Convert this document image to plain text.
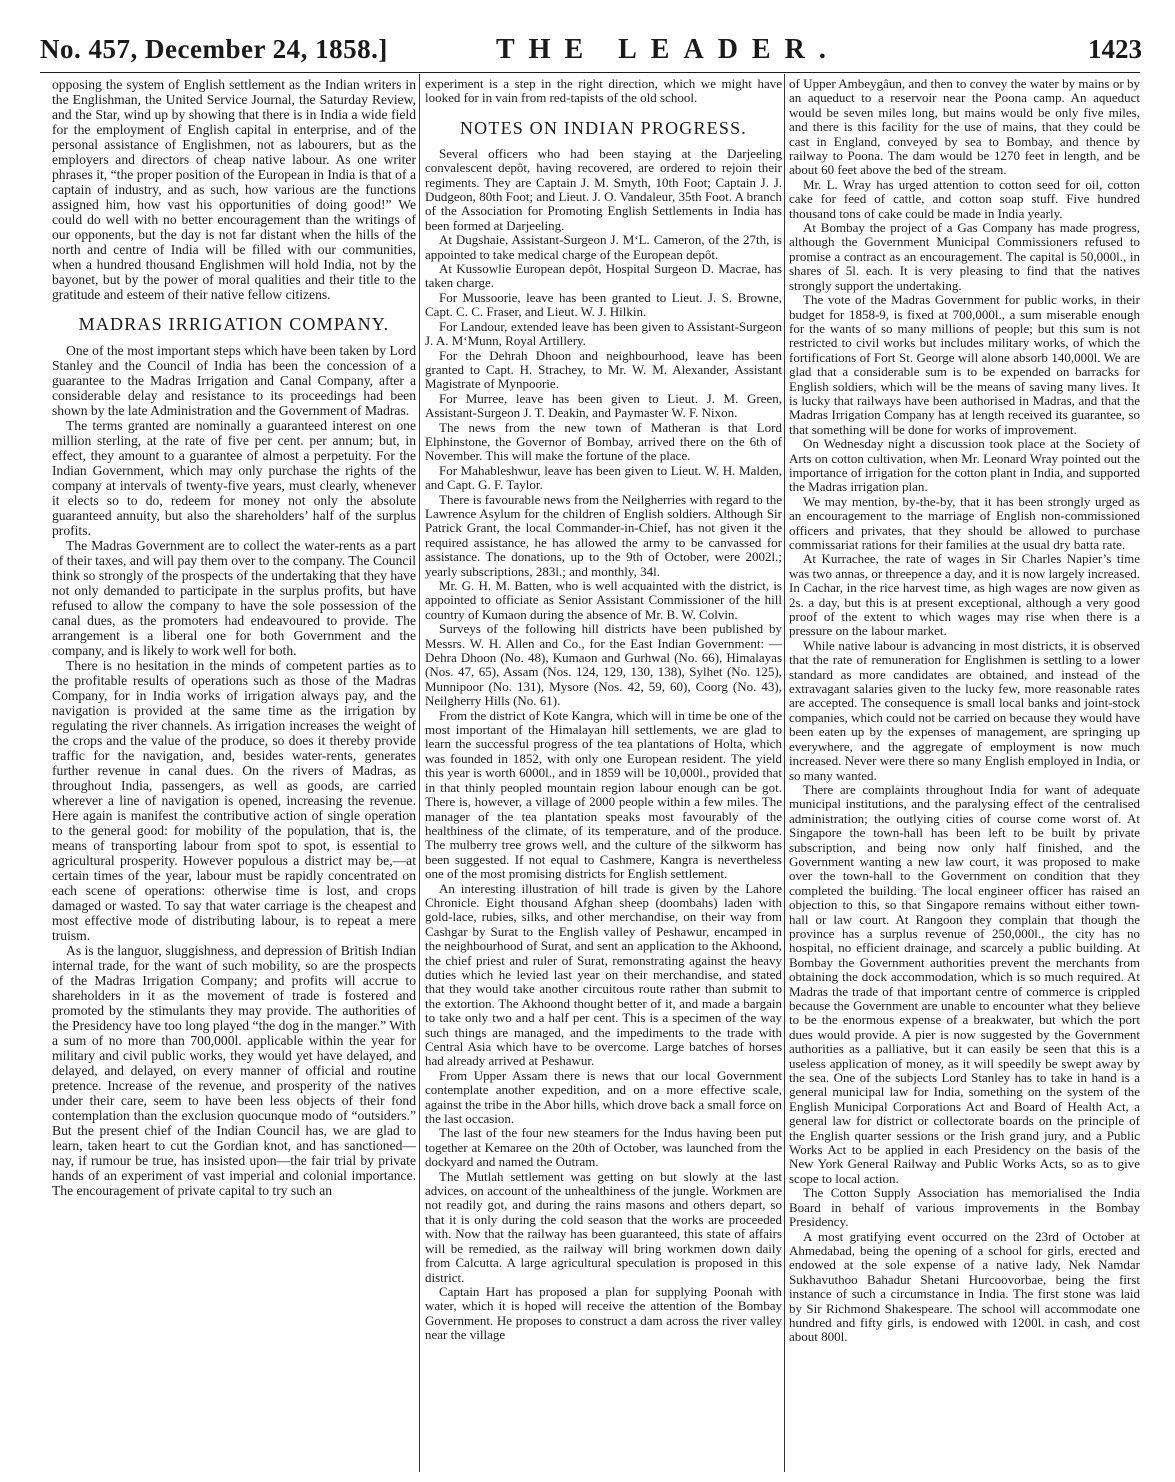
No. 457, December 24, 1858.]	THE LEADER.	1423

opposing the system of English settlement as the Indian writers in the Englishman, the United Service Journal, the Saturday Review, and the Star, wind up by showing that there is in India a wide field for the employment of English capital in enterprise, and of the personal assistance of Englishmen, not as labourers, but as the employers and directors of cheap native labour. As one writer phrases it, “the proper position of the European in India is that of a captain of industry, and as such, how various are the functions assigned him, how vast his opportunities of doing good!” We could do well with no better encouragement than the writings of our opponents, but the day is not far distant when the hills of the north and centre of India will be filled with our communities, when a hundred thousand Englishmen will hold India, not by the bayonet, but by the power of moral qualities and their title to the gratitude and esteem of their native fellow citizens.

MADRAS IRRIGATION COMPANY.

One of the most important steps which have been taken by Lord Stanley and the Council of India has been the concession of a guarantee to the Madras Irrigation and Canal Company, after a considerable delay and resistance to its proceedings had been shown by the late Administration and the Government of Madras.

The terms granted are nominally a guaranteed interest on one million sterling, at the rate of five per cent. per annum; but, in effect, they amount to a guarantee of almost a perpetuity. For the Indian Government, which may only purchase the rights of the company at intervals of twenty-five years, must clearly, whenever it elects so to do, redeem for money not only the absolute guaranteed annuity, but also the shareholders’ half of the surplus profits.

The Madras Government are to collect the water-rents as a part of their taxes, and will pay them over to the company. The Council think so strongly of the prospects of the undertaking that they have not only demanded to participate in the surplus profits, but have refused to allow the company to have the sole possession of the canal dues, as the promoters had endeavoured to provide. The arrangement is a liberal one for both Government and the company, and is likely to work well for both.

There is no hesitation in the minds of competent parties as to the profitable results of operations such as those of the Madras Company, for in India works of irrigation always pay, and the navigation is provided at the same time as the irrigation by regulating the river channels. As irrigation increases the weight of the crops and the value of the produce, so does it thereby provide traffic for the navigation, and, besides water-rents, generates further revenue in canal dues. On the rivers of Madras, as throughout India, passengers, as well as goods, are carried wherever a line of navigation is opened, increasing the revenue. Here again is manifest the contributive action of single operation to the general good: for mobility of the population, that is, the means of transporting labour from spot to spot, is essential to agricultural prosperity. However populous a district may be,—at certain times of the year, labour must be rapidly concentrated on each scene of operations: otherwise time is lost, and crops damaged or wasted. To say that water carriage is the cheapest and most effective mode of distributing labour, is to repeat a mere truism.

As is the languor, sluggishness, and depression of British Indian internal trade, for the want of such mobility, so are the prospects of the Madras Irrigation Company; and profits will accrue to shareholders in it as the movement of trade is fostered and promoted by the stimulants they may provide. The authorities of the Presidency have too long played “the dog in the manger.” With a sum of no more than 700,000l. applicable within the year for military and civil public works, they would yet have delayed, and delayed, and delayed, on every manner of official and routine pretence. Increase of the revenue, and prosperity of the natives under their care, seem to have been less objects of their fond contemplation than the exclusion quocunque modo of “outsiders.” But the present chief of the Indian Council has, we are glad to learn, taken heart to cut the Gordian knot, and has sanctioned—nay, if rumour be true, has insisted upon—the fair trial by private hands of an experiment of vast imperial and colonial importance. The encouragement of private capital to try such an

experiment is a step in the right direction, which we might have looked for in vain from red-tapists of the old school.

NOTES ON INDIAN PROGRESS.

Several officers who had been staying at the Darjeeling convalescent depôt, having recovered, are ordered to rejoin their regiments. They are Captain J. M. Smyth, 10th Foot; Captain J. J. Dudgeon, 80th Foot; and Lieut. J. O. Vandaleur, 35th Foot. A branch of the Association for Promoting English Settlements in India has been formed at Darjeeling.

At Dugshaie, Assistant-Surgeon J. M‘L. Cameron, of the 27th, is appointed to take medical charge of the European depôt.

At Kussowlie European depôt, Hospital Surgeon D. Macrae, has taken charge.

For Mussoorie, leave has been granted to Lieut. J. S. Browne, Capt. C. C. Fraser, and Lieut. W. J. Hilkin.

For Landour, extended leave has been given to Assistant-Surgeon J. A. M‘Munn, Royal Artillery.

For the Dehrah Dhoon and neighbourhood, leave has been granted to Capt. H. Strachey, to Mr. W. M. Alexander, Assistant Magistrate of Mynpoorie.

For Murree, leave has been given to Lieut. J. M. Green, Assistant-Surgeon J. T. Deakin, and Paymaster W. F. Nixon.

The news from the new town of Matheran is that Lord Elphinstone, the Governor of Bombay, arrived there on the 6th of November. This will make the fortune of the place.

For Mahableshwur, leave has been given to Lieut. W. H. Malden, and Capt. G. F. Taylor.

There is favourable news from the Neilgherries with regard to the Lawrence Asylum for the children of English soldiers. Although Sir Patrick Grant, the local Commander-in-Chief, has not given it the required assistance, he has allowed the army to be canvassed for assistance. The donations, up to the 9th of October, were 2002l.; yearly subscriptions, 283l.; and monthly, 34l.

Mr. G. H. M. Batten, who is well acquainted with the district, is appointed to officiate as Senior Assistant Commissioner of the hill country of Kumaon during the absence of Mr. B. W. Colvin.

Surveys of the following hill districts have been published by Messrs. W. H. Allen and Co., for the East Indian Government: — Dehra Dhoon (No. 48), Kumaon and Gurhwal (No. 66), Himalayas (Nos. 47, 65), Assam (Nos. 124, 129, 130, 138), Sylhet (No. 125), Munnipoor (No. 131), Mysore (Nos. 42, 59, 60), Coorg (No. 43), Neilgherry Hills (No. 61).

From the district of Kote Kangra, which will in time be one of the most important of the Himalayan hill settlements, we are glad to learn the successful progress of the tea plantations of Holta, which was founded in 1852, with only one European resident. The yield this year is worth 6000l., and in 1859 will be 10,000l., provided that in that thinly peopled mountain region labour enough can be got. There is, however, a village of 2000 people within a few miles. The manager of the tea plantation speaks most favourably of the healthiness of the climate, of its temperature, and of the produce. The mulberry tree grows well, and the culture of the silkworm has been suggested. If not equal to Cashmere, Kangra is nevertheless one of the most promising districts for English settlement.

An interesting illustration of hill trade is given by the Lahore Chronicle. Eight thousand Afghan sheep (doombahs) laden with gold-lace, rubies, silks, and other merchandise, on their way from Cashgar by Surat to the English valley of Peshawur, encamped in the neighbourhood of Surat, and sent an application to the Akhoond, the chief priest and ruler of Surat, remonstrating against the heavy duties which he levied last year on their merchandise, and stated that they would take another circuitous route rather than submit to the extortion. The Akhoond thought better of it, and made a bargain to take only two and a half per cent. This is a specimen of the way such things are managed, and the impediments to the trade with Central Asia which have to be overcome. Large batches of horses had already arrived at Peshawur.

From Upper Assam there is news that our local Government contemplate another expedition, and on a more effective scale, against the tribe in the Abor hills, which drove back a small force on the last occasion.

The last of the four new steamers for the Indus having been put together at Kemaree on the 20th of October, was launched from the dockyard and named the Outram.

The Mutlah settlement was getting on but slowly at the last advices, on account of the unhealthiness of the jungle. Workmen are not readily got, and during the rains masons and others depart, so that it is only during the cold season that the works are proceeded with. Now that the railway has been guaranteed, this state of affairs will be remedied, as the railway will bring workmen down daily from Calcutta. A large agricultural speculation is proposed in this district.

Captain Hart has proposed a plan for supplying Poonah with water, which it is hoped will receive the attention of the Bombay Government. He proposes to construct a dam across the river valley near the village

of Upper Ambeygâun, and then to convey the water by mains or by an aqueduct to a reservoir near the Poona camp. An aqueduct would be seven miles long, but mains would be only five miles, and there is this facility for the use of mains, that they could be cast in England, conveyed by sea to Bombay, and thence by railway to Poona. The dam would be 1270 feet in length, and be about 60 feet above the bed of the stream.

Mr. L. Wray has urged attention to cotton seed for oil, cotton cake for feed of cattle, and cotton soap stuff. Five hundred thousand tons of cake could be made in India yearly.

At Bombay the project of a Gas Company has made progress, although the Government Municipal Commissioners refused to promise a contract as an encouragement. The capital is 50,000l., in shares of 5l. each. It is very pleasing to find that the natives strongly support the undertaking.

The vote of the Madras Government for public works, in their budget for 1858-9, is fixed at 700,000l., a sum miserable enough for the wants of so many millions of people; but this sum is not restricted to civil works but includes military works, of which the fortifications of Fort St. George will alone absorb 140,000l. We are glad that a considerable sum is to be expended on barracks for English soldiers, which will be the means of saving many lives. It is lucky that railways have been authorised in Madras, and that the Madras Irrigation Company has at length received its guarantee, so that something will be done for works of improvement.

On Wednesday night a discussion took place at the Society of Arts on cotton cultivation, when Mr. Leonard Wray pointed out the importance of irrigation for the cotton plant in India, and supported the Madras irrigation plan.

We may mention, by-the-by, that it has been strongly urged as an encouragement to the marriage of English non-commissioned officers and privates, that they should be allowed to purchase commissariat rations for their families at the usual dry batta rate.

At Kurrachee, the rate of wages in Sir Charles Napier’s time was two annas, or threepence a day, and it is now largely increased. In Cachar, in the rice harvest time, as high wages are now given as 2s. a day, but this is at present exceptional, although a very good proof of the extent to which wages may rise when there is a pressure on the labour market.

While native labour is advancing in most districts, it is observed that the rate of remuneration for Englishmen is settling to a lower standard as more candidates are obtained, and instead of the extravagant salaries given to the lucky few, more reasonable rates are accepted. The consequence is small local banks and joint-stock companies, which could not be carried on because they would have been eaten up by the expenses of management, are springing up everywhere, and the aggregate of employment is now much increased. Never were there so many English employed in India, or so many wanted.

There are complaints throughout India for want of adequate municipal institutions, and the paralysing effect of the centralised administration; the outlying cities of course come worst of. At Singapore the town-hall has been left to be built by private subscription, and being now only half finished, and the Government wanting a new law court, it was proposed to make over the town-hall to the Government on condition that they completed the building. The local engineer officer has raised an objection to this, so that Singapore remains without either town-hall or law court. At Rangoon they complain that though the province has a surplus revenue of 250,000l., the city has no hospital, no efficient drainage, and scarcely a public building. At Bombay the Government authorities prevent the merchants from obtaining the dock accommodation, which is so much required. At Madras the trade of that important centre of commerce is crippled because the Government are unable to encounter what they believe to be the enormous expense of a breakwater, but which the port dues would provide. A pier is now suggested by the Government authorities as a palliative, but it can easily be seen that this is a useless application of money, as it will speedily be swept away by the sea. One of the subjects Lord Stanley has to take in hand is a general municipal law for India, something on the system of the English Municipal Corporations Act and Board of Health Act, a general law for district or collectorate boards on the principle of the English quarter sessions or the Irish grand jury, and a Public Works Act to be applied in each Presidency on the basis of the New York General Railway and Public Works Acts, so as to give scope to local action.

The Cotton Supply Association has memorialised the India Board in behalf of various improvements in the Bombay Presidency.

A most gratifying event occurred on the 23rd of October at Ahmedabad, being the opening of a school for girls, erected and endowed at the sole expense of a native lady, Nek Namdar Sukhavuthoo Bahadur Shetani Hurcoovorbae, being the first instance of such a circumstance in India. The first stone was laid by Sir Richmond Shakespeare. The school will accommodate one hundred and fifty girls, is endowed with 1200l. in cash, and cost about 800l.
